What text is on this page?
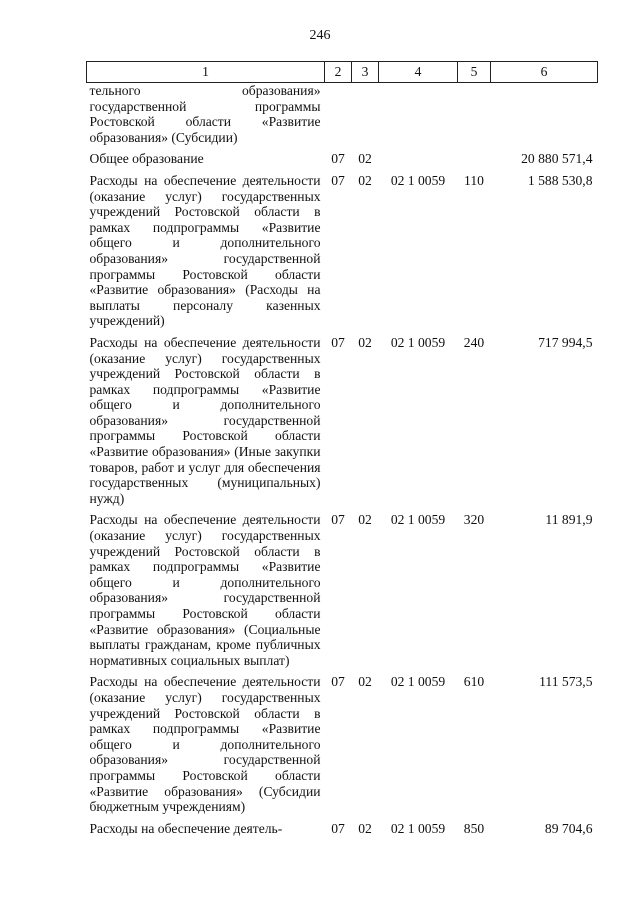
246
1	2	3	4	5	6
тельного образования» государственной программы Ростовской области «Развитие образования» (Субсидии)					
Общее образование	07	02			20 880 571,4
Расходы на обеспечение деятельности (оказание услуг) государственных учреждений Ростовской области в рамках подпрограммы «Развитие общего и дополнительного образования» государственной программы Ростовской области «Развитие образования» (Расходы на выплаты персоналу казенных учреждений)	07	02	02 1 0059	110	1 588 530,8
Расходы на обеспечение деятельности (оказание услуг) государственных учреждений Ростовской области в рамках подпрограммы «Развитие общего и дополнительного образования» государственной программы Ростовской области «Развитие образования» (Иные закупки товаров, работ и услуг для обеспечения государственных (муниципальных) нужд)	07	02	02 1 0059	240	717 994,5
Расходы на обеспечение деятельности (оказание услуг) государственных учреждений Ростовской области в рамках подпрограммы «Развитие общего и дополнительного образования» государственной программы Ростовской области «Развитие образования» (Социальные выплаты гражданам, кроме публичных нормативных социальных выплат)	07	02	02 1 0059	320	11 891,9
Расходы на обеспечение деятельности (оказание услуг) государственных учреждений Ростовской области в рамках подпрограммы «Развитие общего и дополнительного образования» государственной программы Ростовской области «Развитие образования» (Субсидии бюджетным учреждениям)	07	02	02 1 0059	610	111 573,5
Расходы на обеспечение деятель-	07	02	02 1 0059	850	89 704,6
